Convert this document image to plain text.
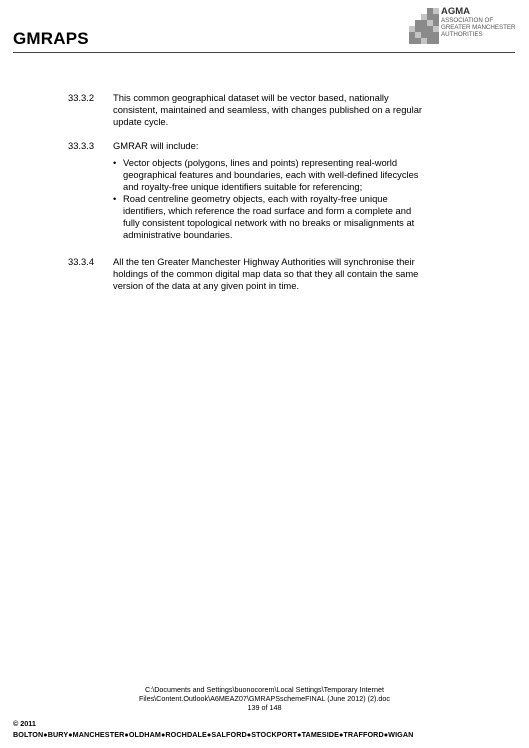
GMRAPS
AGMA
ASSOCIATION OF
GREATER MANCHESTER
AUTHORITIES
33.3.2 This common geographical dataset will be vector based, nationally
consistent, maintained and seamless, with changes published on a regular
update cycle.
33.3.3 GMRAR will include:
• Vector objects (polygons, lines and points) representing real-world
geographical features and boundaries, each with well-defined lifecycles
and royalty-free unique identifiers suitable for referencing;
• Road centreline geometry objects, each with royalty-free unique
identifiers, which reference the road surface and form a complete and
fully consistent topological network with no breaks or misalignments at
administrative boundaries.
33.3.4 All the ten Greater Manchester Highway Authorities will synchronise their
holdings of the common digital map data so that they all contain the same
version of the data at any given point in time.
C:\Documents and Settings\buonocorem\Local Settings\Temporary Internet
Files\Content.Outlook\A6MEAZ07\GMRAPSschemeFINAL (June 2012) (2).doc
139 of 148
© 2011
BOLTON●BURY●MANCHESTER●OLDHAM●ROCHDALE●SALFORD●STOCKPORT●TAMESIDE●TRAFFORD●WIGAN
